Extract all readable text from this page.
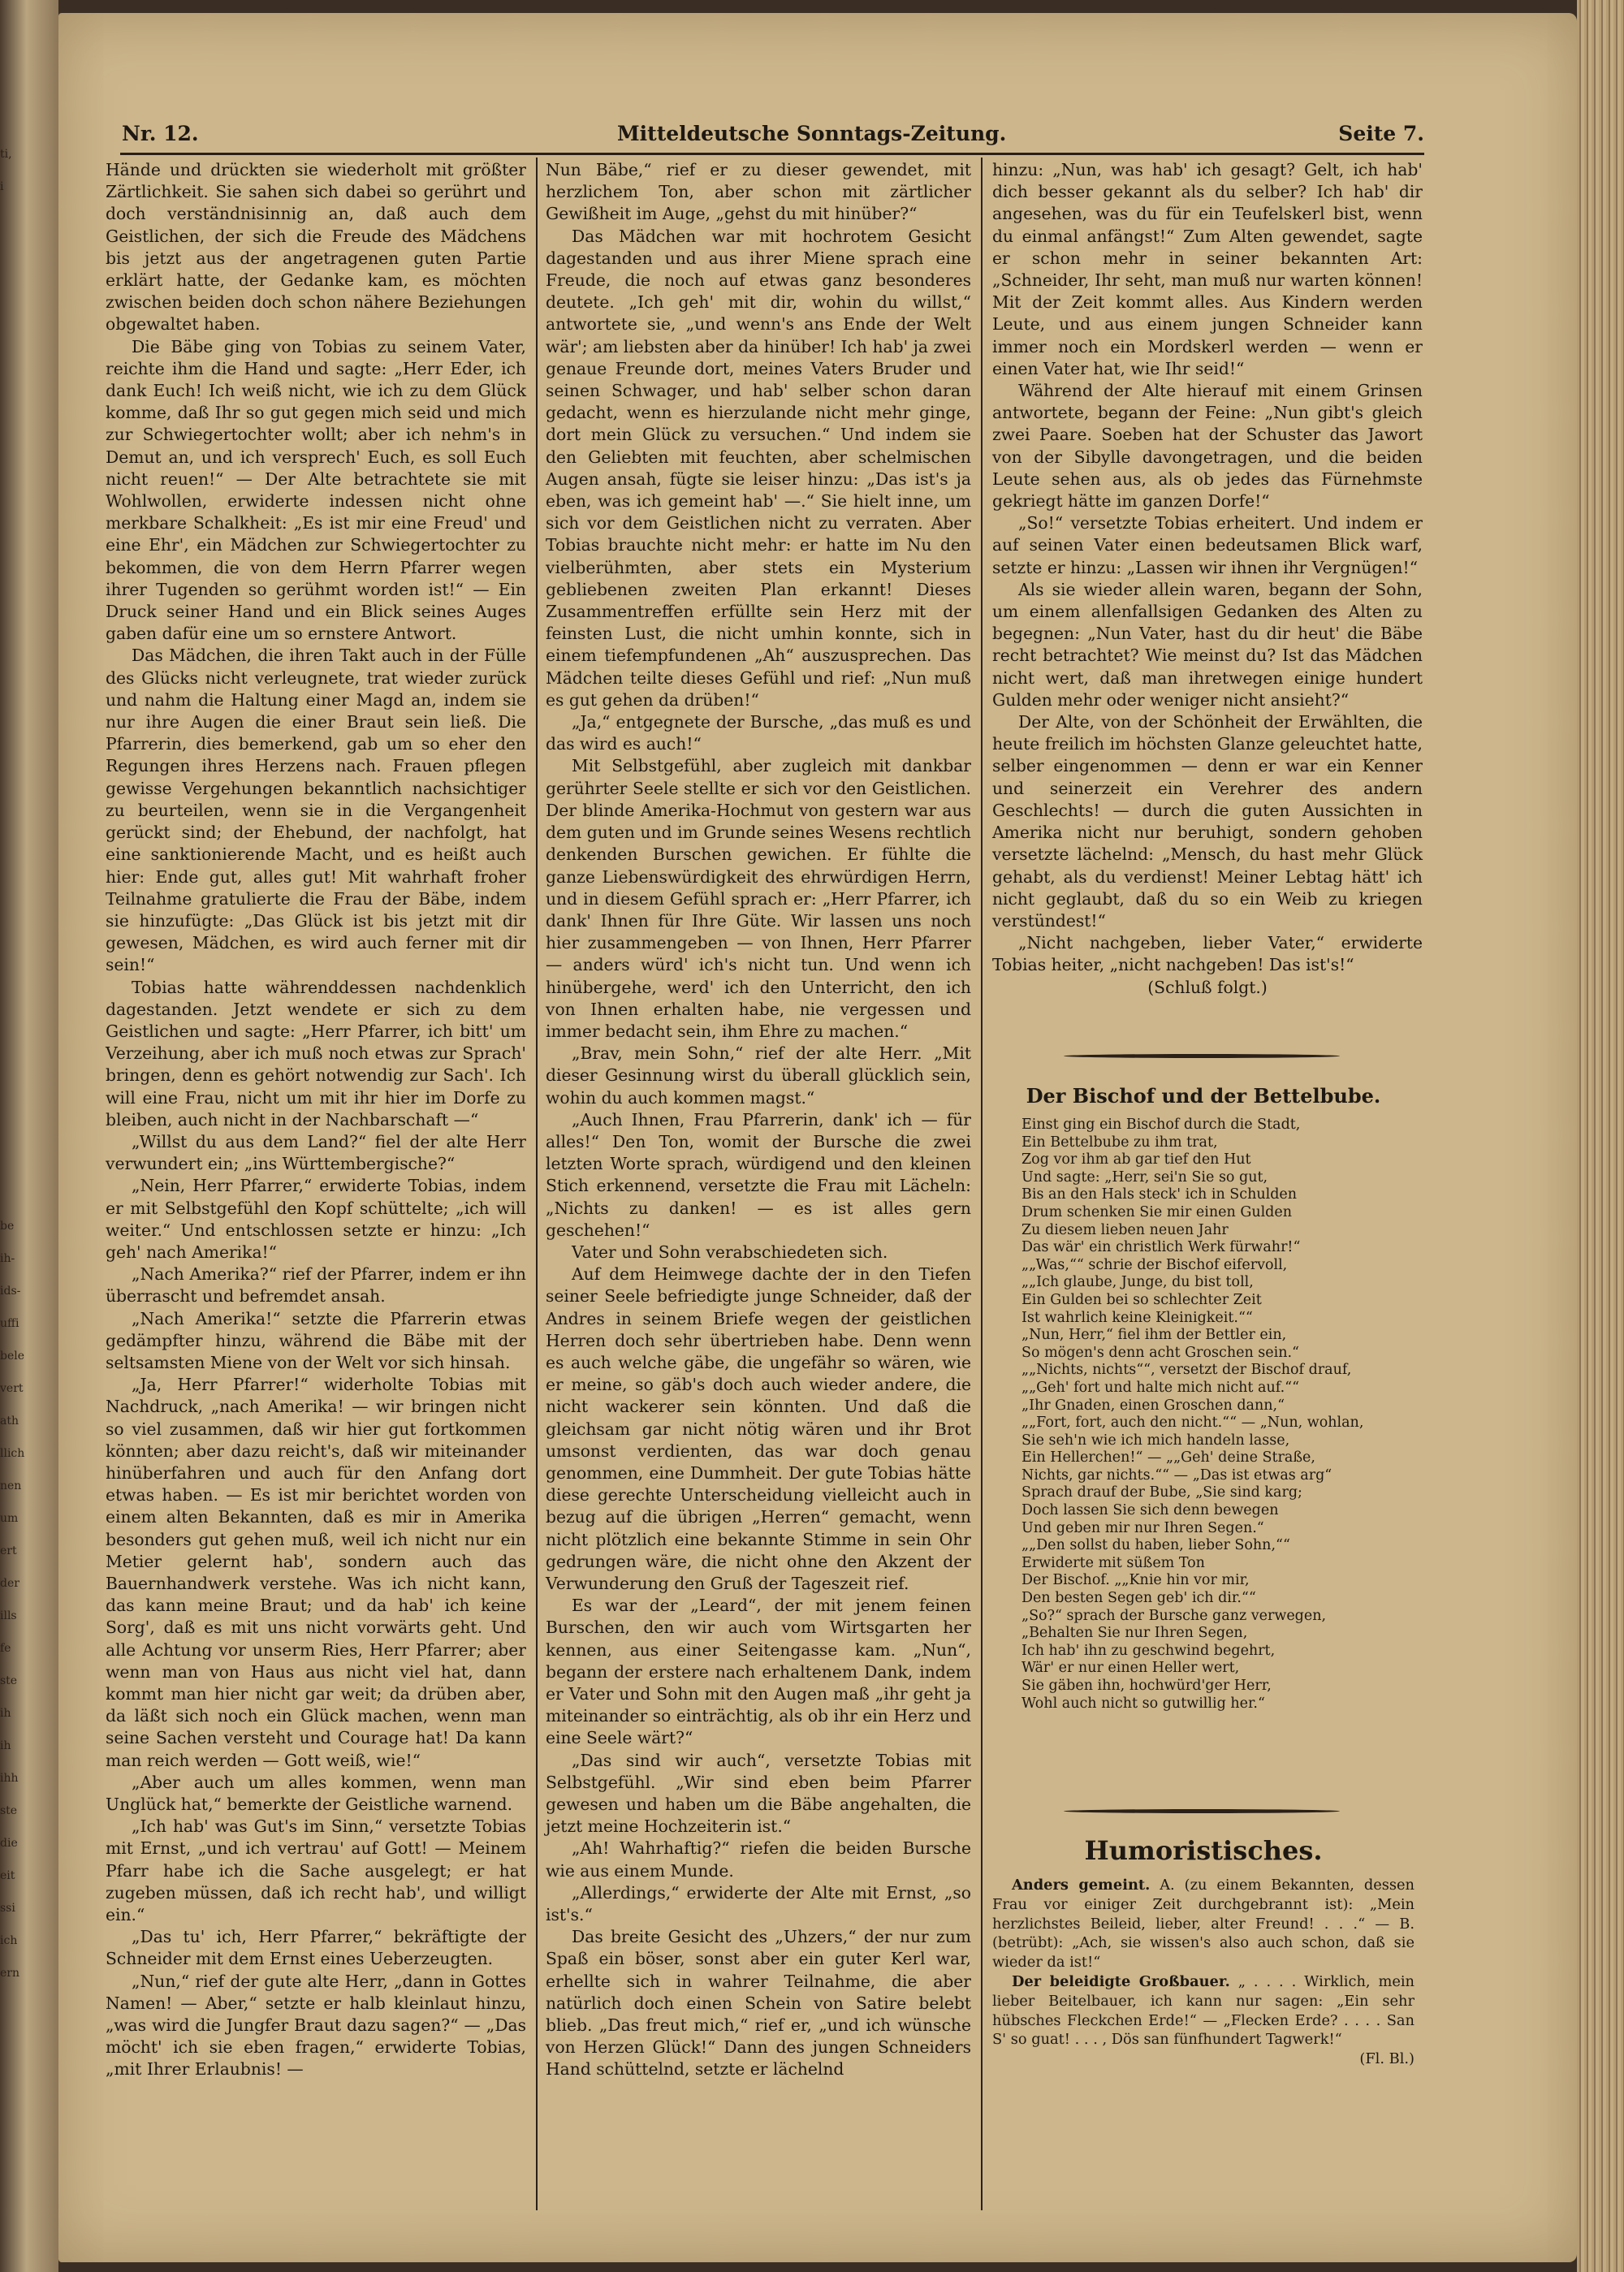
ti,
i
be
ih-
ids-
uffi
bele
vert
ath
llich
nen
um
ert
der
ills
fe
ste
ih
ih
ihh
ste
die
eit
ssi
ich
ern
Nr. 12.	Mitteldeutsche Sonntags-Zeitung.	Seite 7.

Hände und drückten sie wiederholt mit größter Zärtlichkeit. Sie sahen sich dabei so gerührt und doch verständnisinnig an, daß auch dem Geistlichen, der sich die Freude des Mädchens bis jetzt aus der angetragenen guten Partie erklärt hatte, der Gedanke kam, es möchten zwischen beiden doch schon nähere Beziehungen obgewaltet haben.

Die Bäbe ging von Tobias zu seinem Vater, reichte ihm die Hand und sagte: „Herr Eder, ich dank Euch! Ich weiß nicht, wie ich zu dem Glück komme, daß Ihr so gut gegen mich seid und mich zur Schwiegertochter wollt; aber ich nehm's in Demut an, und ich versprech' Euch, es soll Euch nicht reuen!“ — Der Alte betrachtete sie mit Wohlwollen, erwiderte indessen nicht ohne merkbare Schalkheit: „Es ist mir eine Freud' und eine Ehr', ein Mädchen zur Schwiegertochter zu bekommen, die von dem Herrn Pfarrer wegen ihrer Tugenden so gerühmt worden ist!“ — Ein Druck seiner Hand und ein Blick seines Auges gaben dafür eine um so ernstere Antwort.

Das Mädchen, die ihren Takt auch in der Fülle des Glücks nicht verleugnete, trat wieder zurück und nahm die Haltung einer Magd an, indem sie nur ihre Augen die einer Braut sein ließ. Die Pfarrerin, dies bemerkend, gab um so eher den Regungen ihres Herzens nach. Frauen pflegen gewisse Vergehungen bekanntlich nachsichtiger zu beurteilen, wenn sie in die Vergangenheit gerückt sind; der Ehebund, der nachfolgt, hat eine sanktionierende Macht, und es heißt auch hier: Ende gut, alles gut! Mit wahrhaft froher Teilnahme gratulierte die Frau der Bäbe, indem sie hinzufügte: „Das Glück ist bis jetzt mit dir gewesen, Mädchen, es wird auch ferner mit dir sein!“

Tobias hatte währenddessen nachdenklich dagestanden. Jetzt wendete er sich zu dem Geistlichen und sagte: „Herr Pfarrer, ich bitt' um Verzeihung, aber ich muß noch etwas zur Sprach' bringen, denn es gehört notwendig zur Sach'. Ich will eine Frau, nicht um mit ihr hier im Dorfe zu bleiben, auch nicht in der Nachbarschaft —“

„Willst du aus dem Land?“ fiel der alte Herr verwundert ein; „ins Württembergische?“

„Nein, Herr Pfarrer,“ erwiderte Tobias, indem er mit Selbstgefühl den Kopf schüttelte; „ich will weiter.“ Und entschlossen setzte er hinzu: „Ich geh' nach Amerika!“

„Nach Amerika?“ rief der Pfarrer, indem er ihn überrascht und befremdet ansah.

„Nach Amerika!“ setzte die Pfarrerin etwas gedämpfter hinzu, während die Bäbe mit der seltsamsten Miene von der Welt vor sich hinsah.

„Ja, Herr Pfarrer!“ widerholte Tobias mit Nachdruck, „nach Amerika! — wir bringen nicht so viel zusammen, daß wir hier gut fortkommen könnten; aber dazu reicht's, daß wir miteinander hinüberfahren und auch für den Anfang dort etwas haben. — Es ist mir berichtet worden von einem alten Bekannten, daß es mir in Amerika besonders gut gehen muß, weil ich nicht nur ein Metier gelernt hab', sondern auch das Bauernhandwerk verstehe. Was ich nicht kann, das kann meine Braut; und da hab' ich keine Sorg', daß es mit uns nicht vorwärts geht. Und alle Achtung vor unserm Ries, Herr Pfarrer; aber wenn man von Haus aus nicht viel hat, dann kommt man hier nicht gar weit; da drüben aber, da läßt sich noch ein Glück machen, wenn man seine Sachen versteht und Courage hat! Da kann man reich werden — Gott weiß, wie!“

„Aber auch um alles kommen, wenn man Unglück hat,“ bemerkte der Geistliche warnend.

„Ich hab' was Gut's im Sinn,“ versetzte Tobias mit Ernst, „und ich vertrau' auf Gott! — Meinem Pfarr habe ich die Sache ausgelegt; er hat zugeben müssen, daß ich recht hab', und willigt ein.“

„Das tu' ich, Herr Pfarrer,“ bekräftigte der Schneider mit dem Ernst eines Ueberzeugten.

„Nun,“ rief der gute alte Herr, „dann in Gottes Namen! — Aber,“ setzte er halb kleinlaut hinzu, „was wird die Jungfer Braut dazu sagen?“ — „Das möcht' ich sie eben fragen,“ erwiderte Tobias, „mit Ihrer Erlaubnis! —

Nun Bäbe,“ rief er zu dieser gewendet, mit herzlichem Ton, aber schon mit zärtlicher Gewißheit im Auge, „gehst du mit hinüber?“

Das Mädchen war mit hochrotem Gesicht dagestanden und aus ihrer Miene sprach eine Freude, die noch auf etwas ganz besonderes deutete. „Ich geh' mit dir, wohin du willst,“ antwortete sie, „und wenn's ans Ende der Welt wär'; am liebsten aber da hinüber! Ich hab' ja zwei genaue Freunde dort, meines Vaters Bruder und seinen Schwager, und hab' selber schon daran gedacht, wenn es hierzulande nicht mehr ginge, dort mein Glück zu versuchen.“ Und indem sie den Geliebten mit feuchten, aber schelmischen Augen ansah, fügte sie leiser hinzu: „Das ist's ja eben, was ich gemeint hab' —.“ Sie hielt inne, um sich vor dem Geistlichen nicht zu verraten. Aber Tobias brauchte nicht mehr: er hatte im Nu den vielberühmten, aber stets ein Mysterium gebliebenen zweiten Plan erkannt! Dieses Zusammentreffen erfüllte sein Herz mit der feinsten Lust, die nicht umhin konnte, sich in einem tiefempfundenen „Ah“ auszusprechen. Das Mädchen teilte dieses Gefühl und rief: „Nun muß es gut gehen da drüben!“

„Ja,“ entgegnete der Bursche, „das muß es und das wird es auch!“

Mit Selbstgefühl, aber zugleich mit dankbar gerührter Seele stellte er sich vor den Geistlichen. Der blinde Amerika-Hochmut von gestern war aus dem guten und im Grunde seines Wesens rechtlich denkenden Burschen gewichen. Er fühlte die ganze Liebenswürdigkeit des ehrwürdigen Herrn, und in diesem Gefühl sprach er: „Herr Pfarrer, ich dank' Ihnen für Ihre Güte. Wir lassen uns noch hier zusammengeben — von Ihnen, Herr Pfarrer — anders würd' ich's nicht tun. Und wenn ich hinübergehe, werd' ich den Unterricht, den ich von Ihnen erhalten habe, nie vergessen und immer bedacht sein, ihm Ehre zu machen.“

„Brav, mein Sohn,“ rief der alte Herr. „Mit dieser Gesinnung wirst du überall glücklich sein, wohin du auch kommen magst.“

„Auch Ihnen, Frau Pfarrerin, dank' ich — für alles!“ Den Ton, womit der Bursche die zwei letzten Worte sprach, würdigend und den kleinen Stich erkennend, versetzte die Frau mit Lächeln: „Nichts zu danken! — es ist alles gern geschehen!“

Vater und Sohn verabschiedeten sich.

Auf dem Heimwege dachte der in den Tiefen seiner Seele befriedigte junge Schneider, daß der Andres in seinem Briefe wegen der geistlichen Herren doch sehr übertrieben habe. Denn wenn es auch welche gäbe, die ungefähr so wären, wie er meine, so gäb's doch auch wieder andere, die nicht wackerer sein könnten. Und daß die gleichsam gar nicht nötig wären und ihr Brot umsonst verdienten, das war doch genau genommen, eine Dummheit. Der gute Tobias hätte diese gerechte Unterscheidung vielleicht auch in bezug auf die übrigen „Herren“ gemacht, wenn nicht plötzlich eine bekannte Stimme in sein Ohr gedrungen wäre, die nicht ohne den Akzent der Verwunderung den Gruß der Tageszeit rief.

Es war der „Leard“, der mit jenem feinen Burschen, den wir auch vom Wirtsgarten her kennen, aus einer Seitengasse kam. „Nun“, begann der erstere nach erhaltenem Dank, indem er Vater und Sohn mit den Augen maß „ihr geht ja miteinander so einträchtig, als ob ihr ein Herz und eine Seele wärt?“

„Das sind wir auch“, versetzte Tobias mit Selbstgefühl. „Wir sind eben beim Pfarrer gewesen und haben um die Bäbe angehalten, die jetzt meine Hochzeiterin ist.“

„Ah! Wahrhaftig?“ riefen die beiden Bursche wie aus einem Munde.

„Allerdings,“ erwiderte der Alte mit Ernst, „so ist's.“

Das breite Gesicht des „Uhzers,“ der nur zum Spaß ein böser, sonst aber ein guter Kerl war, erhellte sich in wahrer Teilnahme, die aber natürlich doch einen Schein von Satire belebt blieb. „Das freut mich,“ rief er, „und ich wünsche von Herzen Glück!“ Dann des jungen Schneiders Hand schüttelnd, setzte er lächelnd

hinzu: „Nun, was hab' ich gesagt? Gelt, ich hab' dich besser gekannt als du selber? Ich hab' dir angesehen, was du für ein Teufelskerl bist, wenn du einmal anfängst!“ Zum Alten gewendet, sagte er schon mehr in seiner bekannten Art: „Schneider, Ihr seht, man muß nur warten können! Mit der Zeit kommt alles. Aus Kindern werden Leute, und aus einem jungen Schneider kann immer noch ein Mordskerl werden — wenn er einen Vater hat, wie Ihr seid!“

Während der Alte hierauf mit einem Grinsen antwortete, begann der Feine: „Nun gibt's gleich zwei Paare. Soeben hat der Schuster das Jawort von der Sibylle davongetragen, und die beiden Leute sehen aus, als ob jedes das Fürnehmste gekriegt hätte im ganzen Dorfe!“

„So!“ versetzte Tobias erheitert. Und indem er auf seinen Vater einen bedeutsamen Blick warf, setzte er hinzu: „Lassen wir ihnen ihr Vergnügen!“

Als sie wieder allein waren, begann der Sohn, um einem allenfallsigen Gedanken des Alten zu begegnen: „Nun Vater, hast du dir heut' die Bäbe recht betrachtet? Wie meinst du? Ist das Mädchen nicht wert, daß man ihretwegen einige hundert Gulden mehr oder weniger nicht ansieht?“

Der Alte, von der Schönheit der Erwählten, die heute freilich im höchsten Glanze geleuchtet hatte, selber eingenommen — denn er war ein Kenner und seinerzeit ein Verehrer des andern Geschlechts! — durch die guten Aussichten in Amerika nicht nur beruhigt, sondern gehoben versetzte lächelnd: „Mensch, du hast mehr Glück gehabt, als du verdienst! Meiner Lebtag hätt' ich nicht geglaubt, daß du so ein Weib zu kriegen verstündest!“

„Nicht nachgeben, lieber Vater,“ erwiderte Tobias heiter, „nicht nachgeben! Das ist's!“

(Schluß folgt.)

Der Bischof und der Bettelbube.
Einst ging ein Bischof durch die Stadt,
Ein Bettelbube zu ihm trat,
Zog vor ihm ab gar tief den Hut
Und sagte: „Herr, sei'n Sie so gut,
Bis an den Hals steck' ich in Schulden
Drum schenken Sie mir einen Gulden
Zu diesem lieben neuen Jahr
Das wär' ein christlich Werk fürwahr!“
„„Was,““ schrie der Bischof eifervoll,
„„Ich glaube, Junge, du bist toll,
Ein Gulden bei so schlechter Zeit
Ist wahrlich keine Kleinigkeit.““
„Nun, Herr,“ fiel ihm der Bettler ein,
So mögen's denn acht Groschen sein.“
„„Nichts, nichts““, versetzt der Bischof drauf,
„„Geh' fort und halte mich nicht auf.““
„Ihr Gnaden, einen Groschen dann,“
„„Fort, fort, auch den nicht.““ — „Nun, wohlan,
Sie seh'n wie ich mich handeln lasse,
Ein Hellerchen!“ — „„Geh' deine Straße,
Nichts, gar nichts.““ — „Das ist etwas arg“
Sprach drauf der Bube, „Sie sind karg;
Doch lassen Sie sich denn bewegen
Und geben mir nur Ihren Segen.“
„„Den sollst du haben, lieber Sohn,““
Erwiderte mit süßem Ton
Der Bischof. „„Knie hin vor mir,
Den besten Segen geb' ich dir.““
„So?“ sprach der Bursche ganz verwegen,
„Behalten Sie nur Ihren Segen,
Ich hab' ihn zu geschwind begehrt,
Wär' er nur einen Heller wert,
Sie gäben ihn, hochwürd'ger Herr,
Wohl auch nicht so gutwillig her.“
Humoristisches.

Anders gemeint. A. (zu einem Bekannten, dessen Frau vor einiger Zeit durchgebrannt ist): „Mein herzlichstes Beileid, lieber, alter Freund! . . .“ — B. (betrübt): „Ach, sie wissen's also auch schon, daß sie wieder da ist!“

Der beleidigte Großbauer. „ . . . . Wirklich, mein lieber Beitelbauer, ich kann nur sagen: „Ein sehr hübsches Fleckchen Erde!“ — „Flecken Erde? . . . . San S' so guat! . . . , Dös san fünfhundert Tagwerk!“
(Fl. Bl.)
